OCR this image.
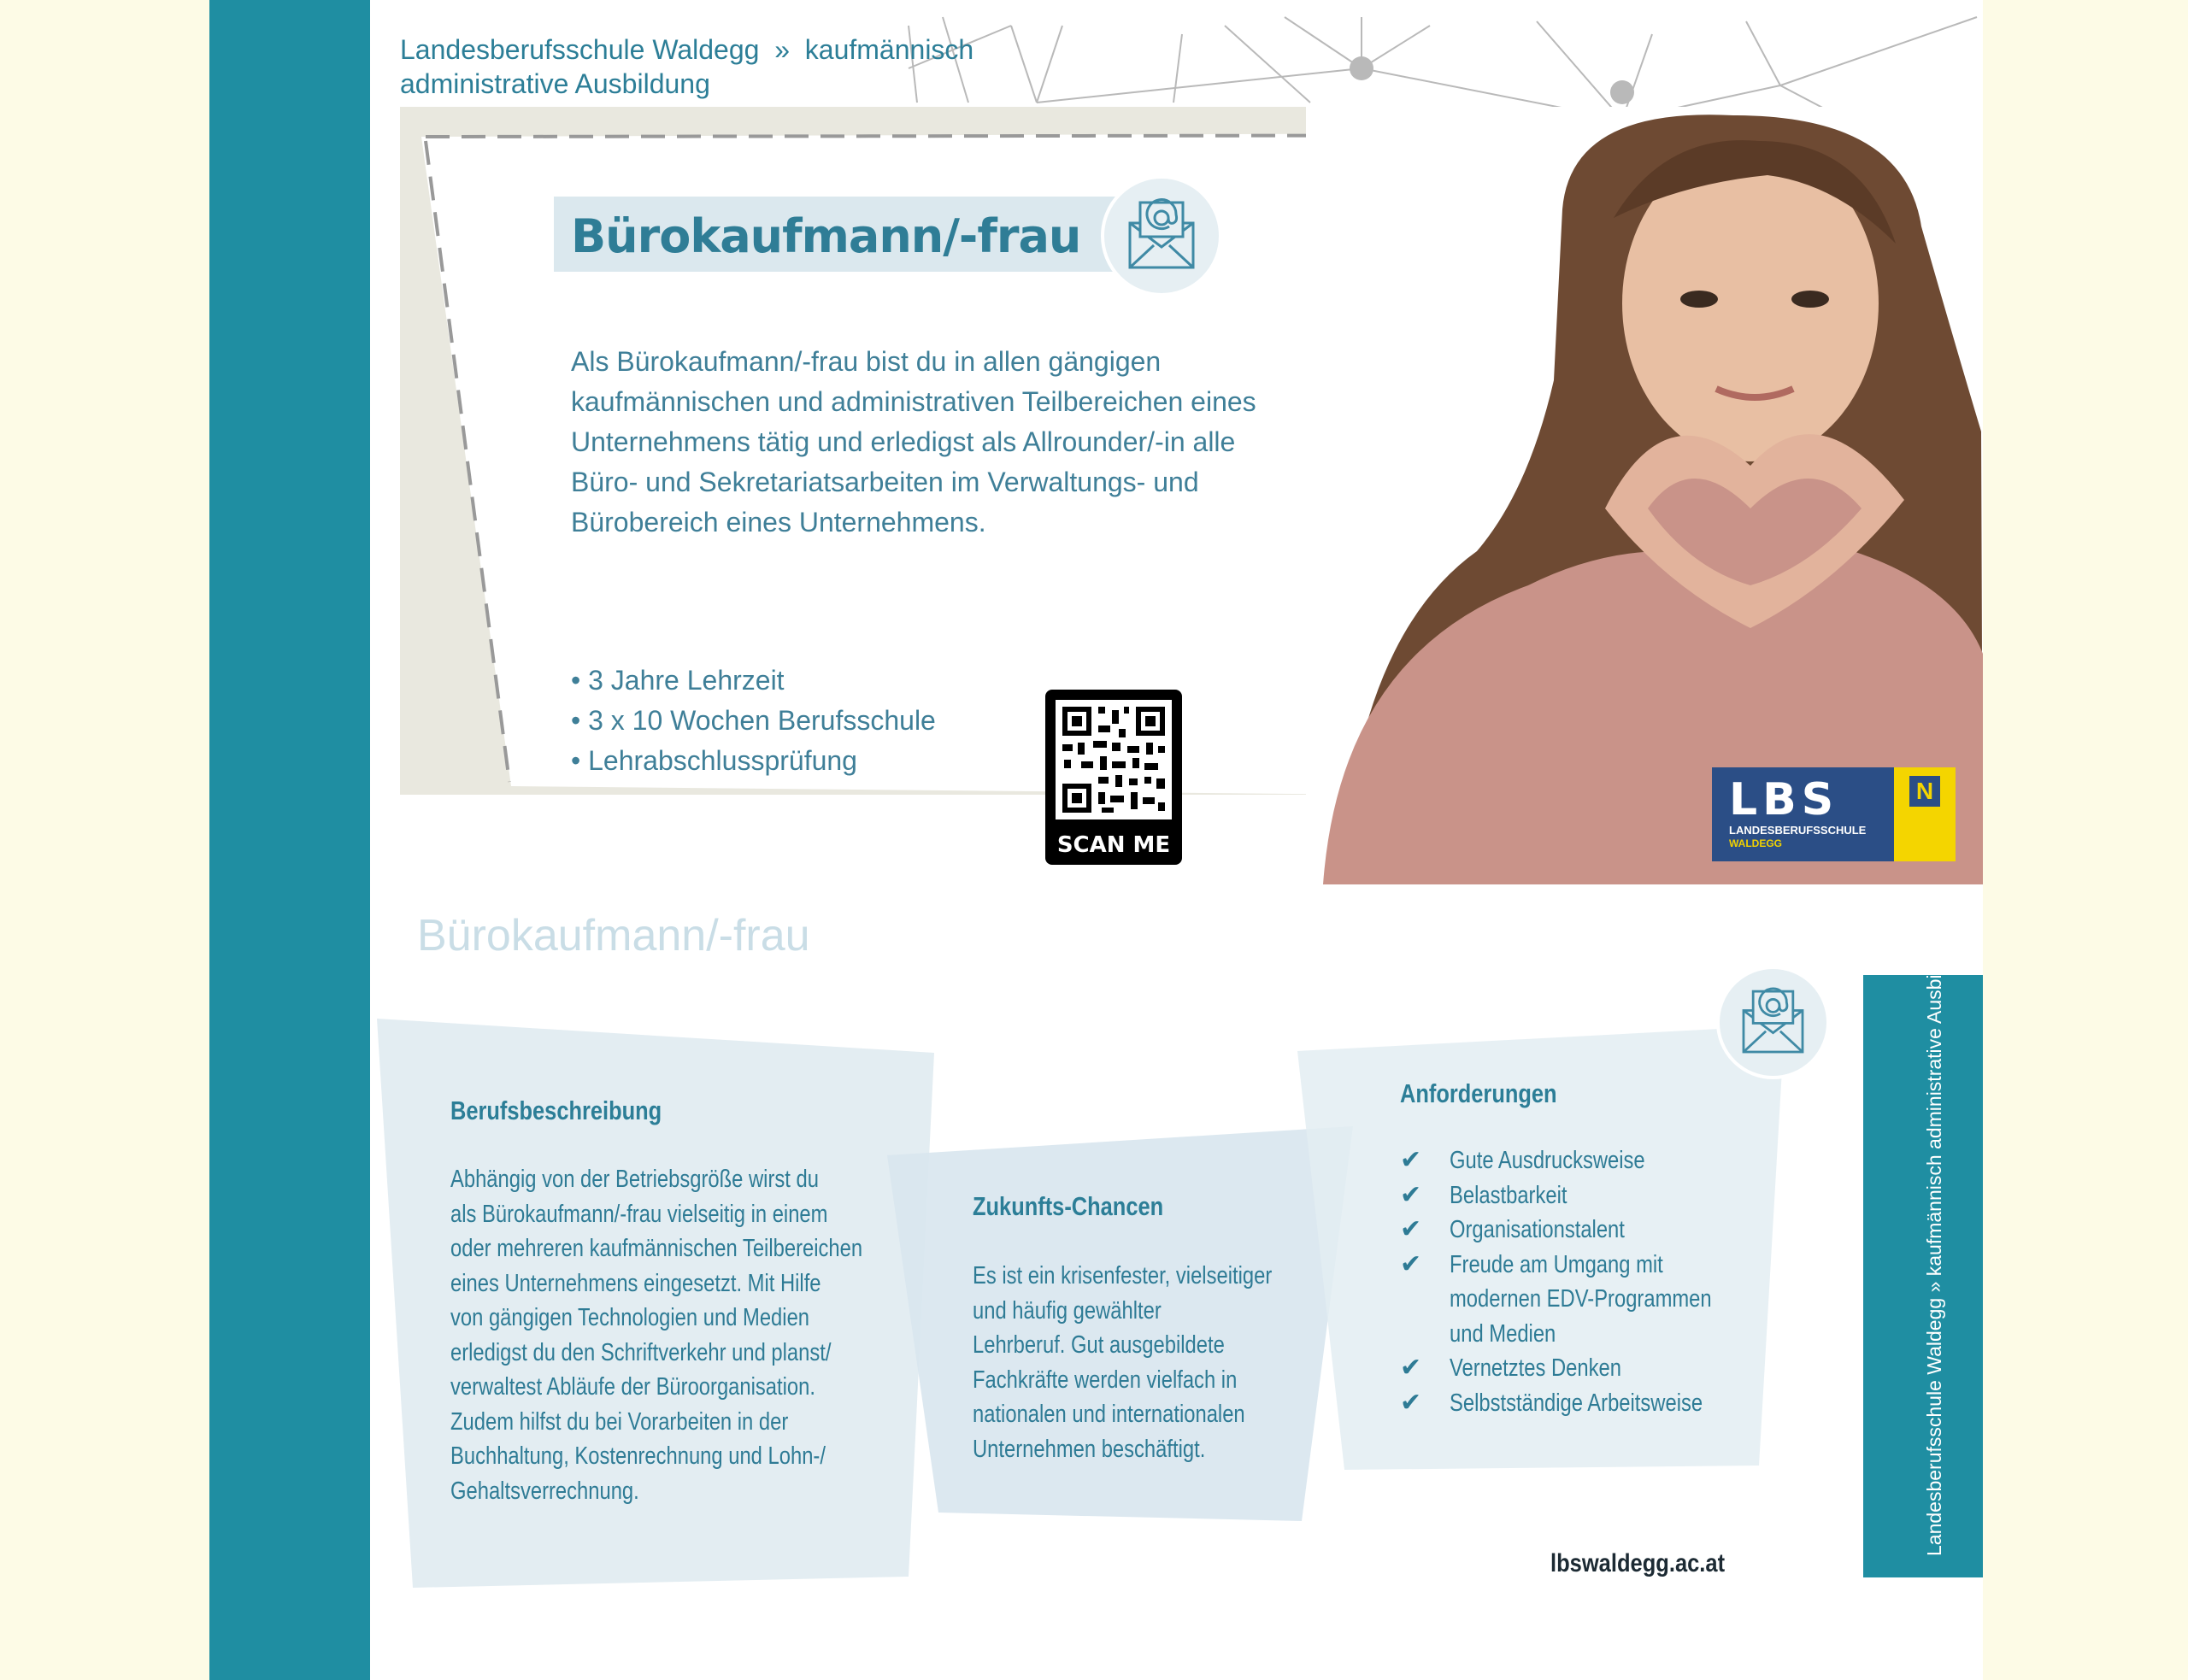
Landesberufsschule Waldegg  »  kaufmännisch
administrative Ausbildung
Bürokaufmann/-frau
Als Bürokaufmann/-frau bist du in allen gängigen
kaufmännischen und administrativen Teilbereichen eines
Unternehmens tätig und erledigst als Allrounder/-in alle
Büro- und Sekretariatsarbeiten im Verwaltungs- und
Bürobereich eines Unternehmens.
• 3 Jahre Lehrzeit
• 3 x 10 Wochen Berufsschule
• Lehrabschlussprüfung
SCAN ME
LBS
LANDESBERUFSSCHULE
WALDEGG
N
Bürokaufmann/-frau
Berufsbeschreibung
Abhängig von der Betriebsgröße wirst du
als Bürokaufmann/-frau vielseitig in einem
oder mehreren kaufmännischen Teilbereichen
eines Unternehmens eingesetzt. Mit Hilfe
von gängigen Technologien und Medien
erledigst du den Schriftverkehr und planst/
verwaltest Abläufe der Büroorganisation.
Zudem hilfst du bei Vorarbeiten in der
Buchhaltung, Kostenrechnung und Lohn-/
Gehaltsverrechnung.
Zukunfts-Chancen
Es ist ein krisenfester, vielseitiger
und häufig gewählter
Lehrberuf. Gut ausgebildete
Fachkräfte werden vielfach in
nationalen und internationalen
Unternehmen beschäftigt.
Anforderungen
✔	Gute Ausdrucksweise
✔	Belastbarkeit
✔	Organisationstalent
✔	Freude am Umgang mit
modernen EDV-Programmen
und Medien
✔	Vernetztes Denken
✔	Selbstständige Arbeitsweise	Landesberufsschule Waldegg » kaufmännisch administrative Ausbildung
lbswaldegg.ac.at
